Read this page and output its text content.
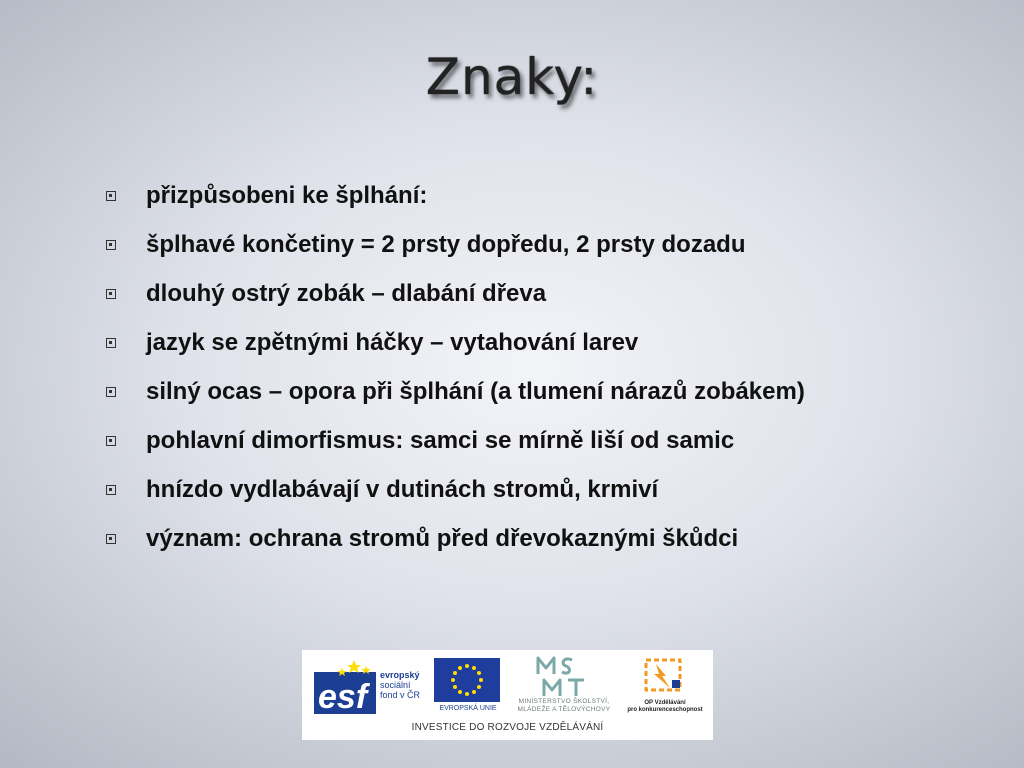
Znaky:
přizpůsobeni ke šplhání:
šplhavé končetiny = 2 prsty dopředu, 2 prsty dozadu
dlouhý ostrý zobák – dlabání dřeva
jazyk se zpětnými háčky – vytahování larev
silný ocas – opora při šplhání (a tlumení nárazů zobákem)
pohlavní dimorfismus: samci se mírně liší od samic
hnízdo vydlabávají v dutinách stromů, krmiví
význam: ochrana stromů před dřevokaznými škůdci
esf
evropský
sociální
fond v ČR
EVROPSKÁ UNIE
MINISTERSTVO ŠKOLSTVÍ,
MLÁDEŽE A TĚLOVÝCHOVY
OP Vzdělávání
pro konkurenceschopnost
INVESTICE DO ROZVOJE VZDĚLÁVÁNÍ
